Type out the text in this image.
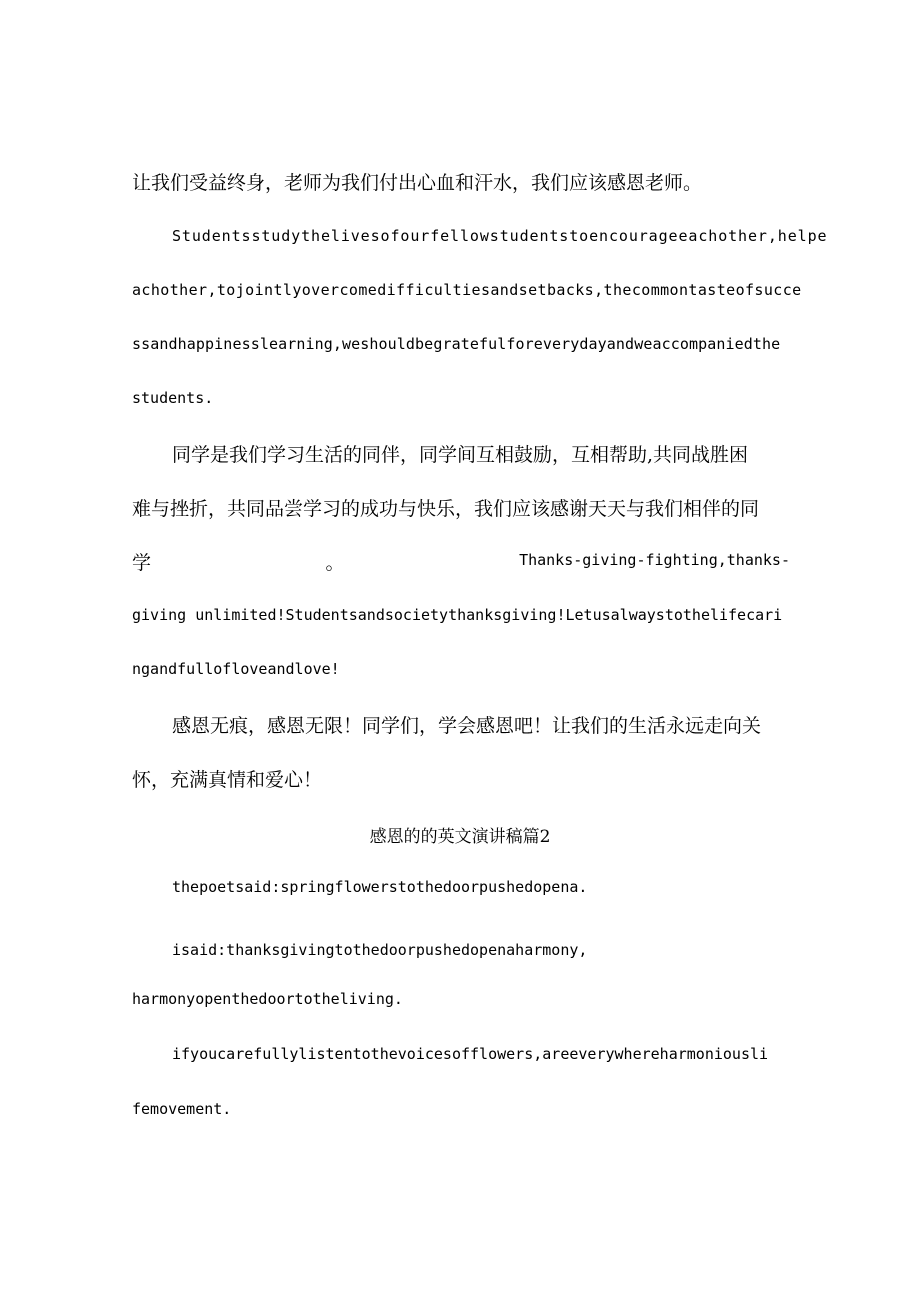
让我们受益终身，老师为我们付出心血和汗水，我们应该感恩老师。
Studentsstudythelivesofourfellowstudentstoencourageeachother,helpe
achother,tojointlyovercomedifficultiesandsetbacks,thecommontasteofsucce
ssandhappinesslearning,weshouldbegratefulforeverydayandweaccompaniedthe
students.
同学是我们学习生活的同伴，同学间互相鼓励，互相帮助,共同战胜困
难与挫折，共同品尝学习的成功与快乐，我们应该感谢天天与我们相伴的同
学	。	Thanks-giving-fighting,thanks-
giving unlimited!Studentsandsocietythanksgiving!Letusalwaystothelifecari
ngandfullofloveandlove!
感恩无痕，感恩无限！同学们，学会感恩吧！让我们的生活永远走向关
怀，充满真情和爱心！
感恩的的英文演讲稿篇2
thepoetsaid:springflowerstothedoorpushedopena.
isaid:thanksgivingtothedoorpushedopenaharmony,
harmonyopenthedoortotheliving.
ifyoucarefullylistentothevoicesofflowers,areeverywhereharmoniousli
femovement.
